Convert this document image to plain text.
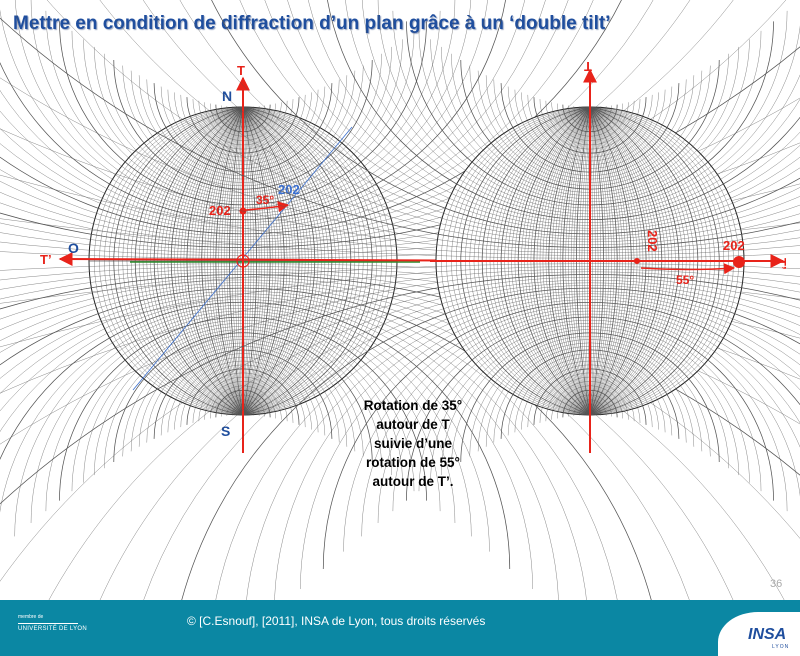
Mettre en condition de diffraction d’un plan grâce à un ‘double tilt’
T
N
O
T’
S
202
202
35°
T
T’
202	202
55°
Rotation de 35°
autour de T
suivie d’une
rotation de 55°
autour de T’.
36
membre de
UNIVERSITÉ DE LYON
© [C.Esnouf], [2011], INSA de Lyon, tous droits réservés
INSA
LYON
